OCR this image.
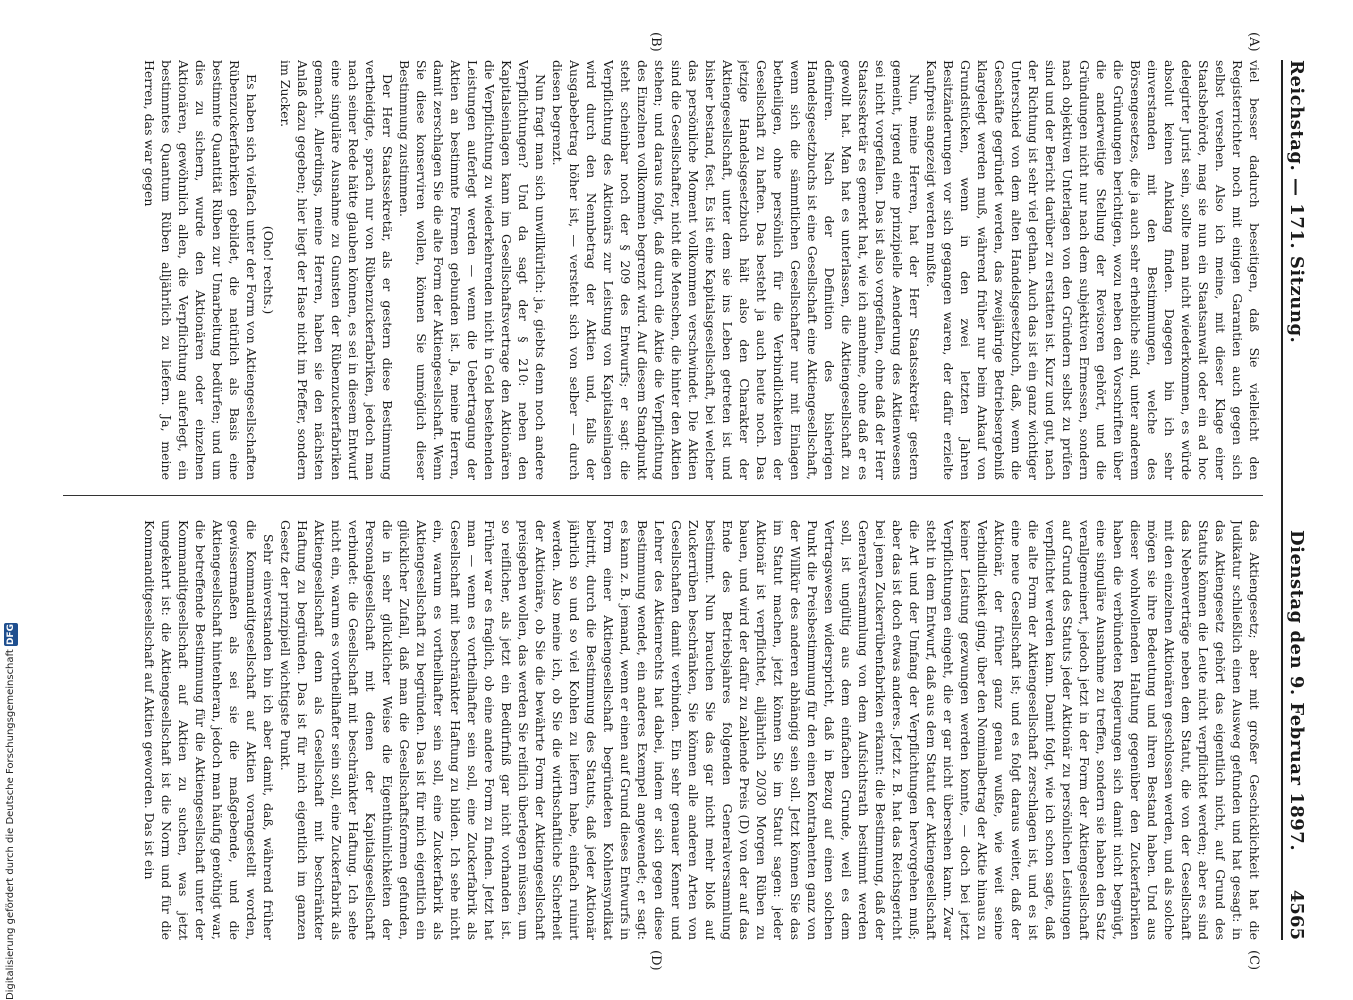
Reichstag. — 171. Sitzung.
Dienstag den 9. Februar 1897.
4565
(A)
(B)
(C)
(D)

viel besser dadurch beseitigen, daß Sie vielleicht den Registerrichter noch mit einigen Garantien auch gegen sich selbst versehen. Also ich meine, mit dieser Klage einer Staatsbehörde, mag sie nun ein Staatsanwalt oder ein ad hoc delegirter Jurist sein, sollte man nicht wiederkommen, es würde absolut keinen Anklang finden. Dagegen bin ich sehr einverstanden mit den Bestimmungen, welche des Börsengesetzes, die ja auch sehr erhebliche sind, unter anderem die Gründungen berichtigen, wozu neben den Vorschriften über die anderweitige Stellung der Revisoren gehört, und die Gründungen nicht nur nach dem subjektiven Ermessen, sondern nach objektiven Unterlagen von den Gründern selbst zu prüfen sind und der Bericht darüber zu erstatten ist. Kurz und gut, nach der Richtung ist sehr viel gethan. Auch das ist ein ganz wichtiger Unterschied von dem alten Handelsgesetzbuch, daß, wenn die Geschäfte gegründet werden, das zweijährige Betriebsergebniß klargelegt werden muß, während früher nur beim Ankauf von Grundstücken, wenn in den zwei letzten Jahren Besitzänderungen vor sich gegangen waren, der dafür erzielte Kaufpreis angezeigt werden mußte.

Nun, meine Herren, hat der Herr Staatssekretär gestern gemeint, irgend eine prinzipielle Aenderung des Aktienwesens sei nicht vorgefallen. Das ist also vorgefallen, ohne daß der Herr Staatssekretär es gemerkt hat, wie ich annehme, ohne daß er es gewollt hat. Man hat es unterlassen, die Aktiengesellschaft zu definiren. Nach der Definition des bisherigen Handelsgesetzbuchs ist eine Gesellschaft eine Aktiengesellschaft, wenn sich die sämmtlichen Gesellschafter nur mit Einlagen betheiligen, ohne persönlich für die Verbindlichkeiten der Gesellschaft zu haften. Das besteht ja auch heute noch. Das jetzige Handelsgesetzbuch hält also den Charakter der Aktiengesellschaft, unter dem sie ins Leben getreten ist und bisher bestand, fest. Es ist eine Kapitalsgesellschaft, bei welcher das persönliche Moment vollkommen verschwindet. Die Aktien sind die Gesellschafter, nicht die Menschen, die hinter den Aktien stehen; und daraus folgt, daß durch die Aktie die Verpflichtung des Einzelnen vollkommen begrenzt wird. Auf diesem Standpunkt steht scheinbar noch der § 209 des Entwurfs; er sagt: die Verpflichtung des Aktionärs zur Leistung von Kapitalseinlagen wird durch den Nennbetrag der Aktien und, falls der Ausgabebetrag höher ist, — versteht sich von selber — durch diesen begrenzt.

Nun fragt man sich unwillkürlich: ja, giebts denn noch andere Verpflichtungen? Und da sagt der § 210: neben den Kapitalseinlagen kann im Gesellschaftsvertrage den Aktionären die Verpflichtung zu wiederkehrenden nicht in Geld bestehenden Leistungen auferlegt werden — wenn die Uebertragung der Aktien an bestimmte Formen gebunden ist. Ja, meine Herren, damit zerschlagen Sie die alte Form der Aktiengesellschaft. Wenn Sie diese konserviren wollen, können Sie unmöglich dieser Bestimmung zustimmen.

Der Herr Staatssekretär, als er gestern diese Bestimmung vertheidigte, sprach nur von Rübenzuckerfabriken, jedoch man nach seiner Rede hätte glauben können, es sei in diesem Entwurf eine singuläre Ausnahme zu Gunsten der Rübenzuckerfabriken gemacht. Allerdings, meine Herren, haben sie den nächsten Anlaß dazu gegeben; hier liegt der Hase nicht im Pfeffer, sondern im Zucker.

(Oho! rechts.)

Es haben sich vielfach unter der Form von Aktiengesellschaften Rübenzuckerfabriken gebildet, die natürlich als Basis eine bestimmte Quantität Rüben zur Umarbeitung bedürfen; und um dies zu sichern, wurde den Aktionären oder einzelnen Aktionären, gewöhnlich allen, die Verpflichtung auferlegt, ein bestimmtes Quantum Rüben alljährlich zu liefern. Ja, meine Herren, das war gegen

das Aktiengesetz; aber mit großer Geschicklichkeit hat die Judikatur schließlich einen Ausweg gefunden und hat gesagt: in das Aktiengesetz gehört das eigentlich nicht, auf Grund des Statuts können die Leute nicht verpflichtet werden; aber es sind das Nebenverträge neben dem Statut, die von der Gesellschaft mit den einzelnen Aktionären geschlossen werden, und als solche mögen sie ihre Bedeutung und ihren Bestand haben. Und aus dieser wohlwollenden Haltung gegenüber den Zuckerfabriken haben die verbündeten Regierungen sich damit nicht begnügt, eine singuläre Ausnahme zu treffen, sondern sie haben den Satz verallgemeinert, jedoch jetzt in der Form der Aktiengesellschaft auf Grund des Statuts jeder Aktionär zu persönlichen Leistungen verpflichtet werden kann. Damit folgt, wie ich schon sagte, daß die alte Form der Aktiengesellschaft zerschlagen ist, und es ist eine neue Gesellschaft ist; und es folgt daraus weiter, daß der Aktionär, der früher ganz genau wußte, wie weit seine Verbindlichkeit ging, über den Nominalbetrag der Aktie hinaus zu keiner Leistung gezwungen werden konnte, — doch bei jetzt Verpflichtungen eingeht, die er gar nicht übersehen kann. Zwar steht in dem Entwurf, daß aus dem Statut der Aktiengesellschaft die Art und der Umfang der Verpflichtungen hervorgehen muß; aber das ist doch etwas anderes. Jetzt z. B. hat das Reichsgericht bei jenen Zuckerrübenfabriken erkannt: die Bestimmung, daß der Generalversammlung von dem Aufsichtsrath bestimmt werden soll, ist ungültig aus dem einfachen Grunde, weil es dem Vertragswesen widerspricht, daß in Bezug auf einen solchen Punkt die Preisbestimmung für den einen Kontrahenten ganz von der Willkür des anderen abhängig sein soll. Jetzt können Sie das im Statut machen, jetzt können Sie im Statut sagen: jeder Aktionär ist verpflichtet, alljährlich 20/30 Morgen Rüben zu bauen, und wird der dafür zu zahlende Preis (D) von der auf das Ende des Betriebsjahres folgenden Generalversammlung bestimmt. Nun brauchen Sie das gar nicht mehr bloß auf Zuckerrüben beschränken, Sie können alle anderen Arten von Gesellschaften damit verbinden. Ein sehr genauer Kenner und Lehrer des Aktienrechts hat dabei, indem er sich gegen diese Bestimmung wendet, ein anderes Exempel angewendet; er sagt: es kann z. B. jemand, wenn er einen auf Grund dieses Entwurfs in Form einer Aktiengesellschaft begründeten Kohlensyndikat beitritt, durch die Bestimmung des Statuts, daß jeder Aktionär jährlich so und so viel Kohlen zu liefern habe, einfach ruinirt werden. Also meine ich, ob Sie die wirthschaftliche Sicherheit der Aktionäre, ob Sie die bewährte Form der Aktiengesellschaft preisgeben wollen, das werden Sie reiflich überlegen müssen, um so reiflicher, als jetzt ein Bedürfniß gar nicht vorhanden ist. Früher war es fraglich, ob eine andere Form zu finden. Jetzt hat man — wenn es vortheilhafter sein soll, eine Zuckerfabrik als Gesellschaft mit beschränkter Haftung zu bilden. Ich sehe nicht ein, warum es vortheilhafter sein soll, eine Zuckerfabrik als Aktiengesellschaft zu begründen. Das ist für mich eigentlich ein glücklicher Zufall, daß man die Gesellschaftsformen gefunden, die in sehr glücklicher Weise die Eigenthümlichkeiten der Personalgesellschaft mit denen der Kapitalsgesellschaft verbindet: die Gesellschaft mit beschränkter Haftung. Ich sehe nicht ein, warum es vortheilhafter sein soll, eine Zuckerfabrik als Aktiengesellschaft denn als Gesellschaft mit beschränkter Haftung zu begründen. Das ist für mich eigentlich im ganzen Gesetz der prinzipiell wichtigste Punkt.

Sehr einverstanden bin ich aber damit, daß, während früher die Kommanditgesellschaft auf Aktien vorangestellt worden, gewissermaßen als sei sie die maßgebende, und die Aktiengesellschaft hintenheran, jedoch man häufig genöthigt war, die betreffende Bestimmung für die Aktiengesellschaft unter der Kommanditgesellschaft auf Aktien zu suchen, was jetzt umgekehrt ist: die Aktiengesellschaft ist die Norm und für die Kommanditgesellschaft auf Aktien geworden. Das ist ein

Digitalisierung gefördert durch die Deutsche Forschungsgemeinschaft DFG
